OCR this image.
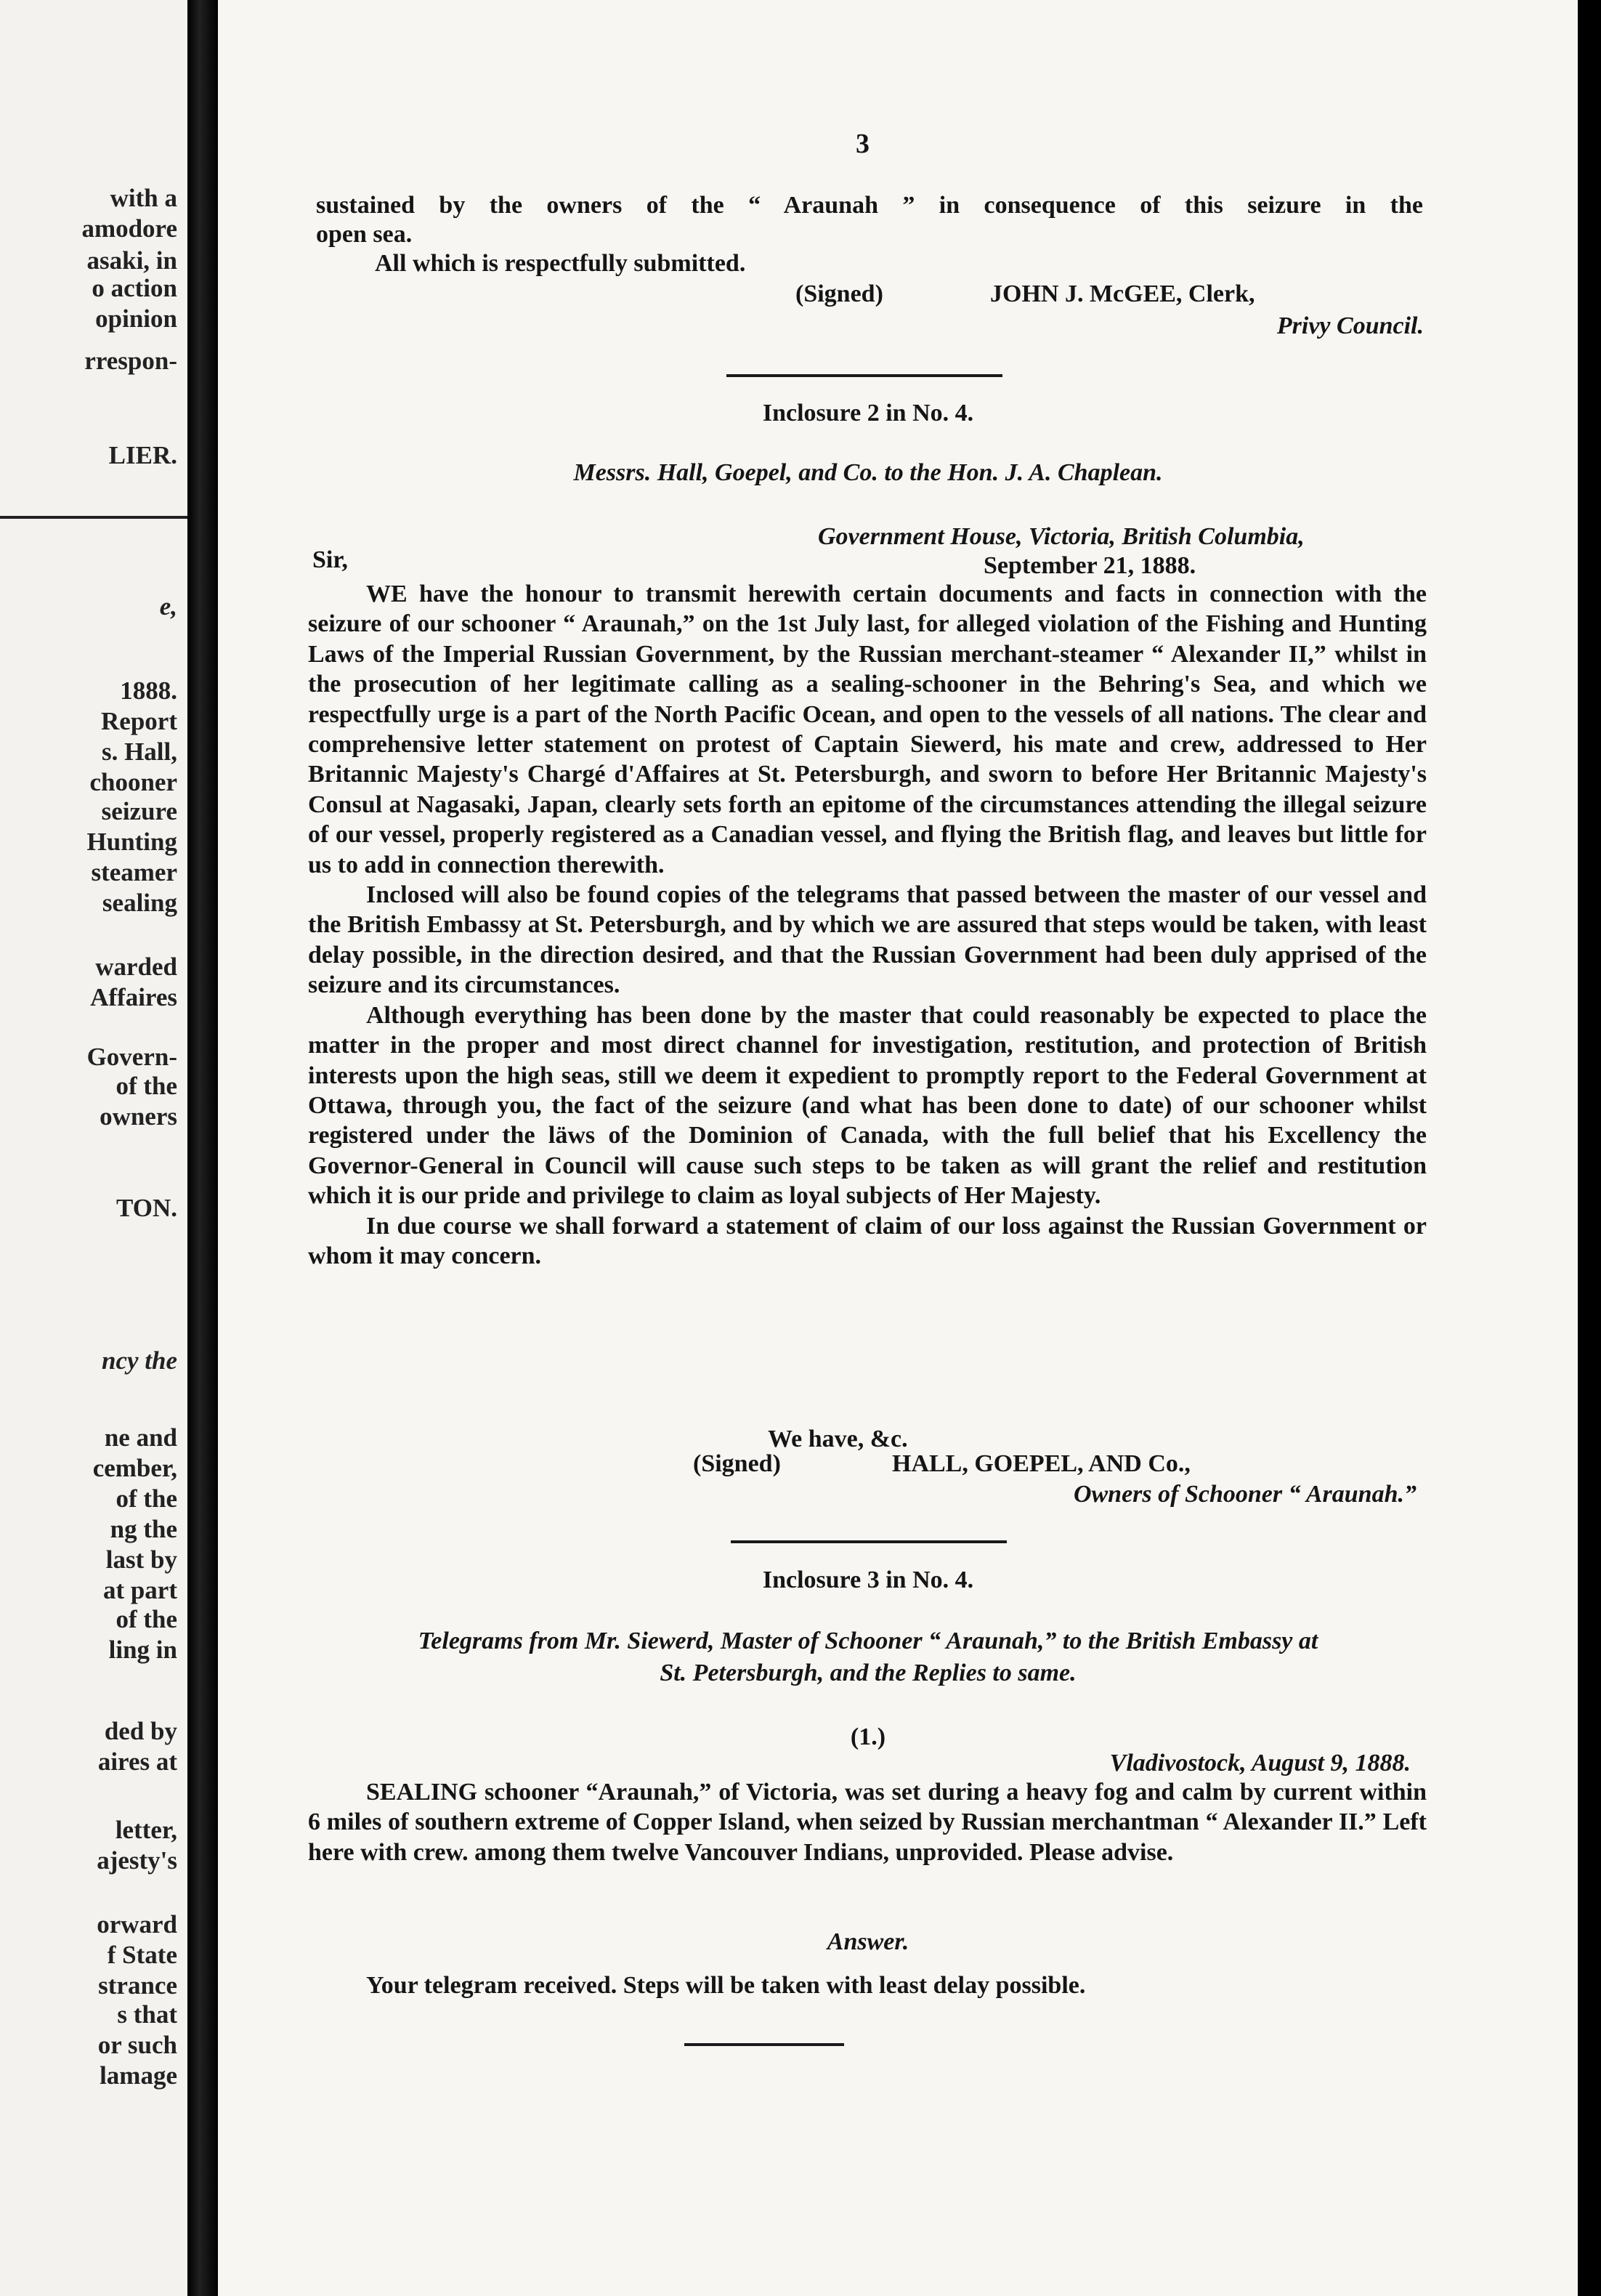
with a
amodore
asaki, in
o action
opinion
rrespon-
LIER.
e,
1888.
Report
s. Hall,
chooner
seizure
Hunting
steamer
sealing
warded
Affaires
Govern-
of the
owners
TON.
ncy the
ne and
cember,
of the
ng the
last by
at part
of the
ling in
ded by
aires at
letter,
ajesty's
orward
f State
strance
s that
or such
lamage
3
sustained by the owners of the “ Araunah ” in consequence of this seizure in the
open sea.
All which is respectfully submitted.
(Signed)	JOHN J. McGEE, Clerk,
Privy Council.
Inclosure 2 in No. 4.
Messrs. Hall, Goepel, and Co. to the Hon. J. A. Chaplean.
Government House, Victoria, British Columbia,
Sir,	September 21, 1888.

WE have the honour to transmit herewith certain documents and facts in connection with the seizure of our schooner “ Araunah,” on the 1st July last, for alleged violation of the Fishing and Hunting Laws of the Imperial Russian Government, by the Russian merchant-steamer “ Alexander II,” whilst in the prosecution of her legitimate calling as a sealing-schooner in the Behring's Sea, and which we respectfully urge is a part of the North Pacific Ocean, and open to the vessels of all nations. The clear and comprehensive letter statement on protest of Captain Siewerd, his mate and crew, addressed to Her Britannic Majesty's Chargé d'Affaires at St. Petersburgh, and sworn to before Her Britannic Majesty's Consul at Nagasaki, Japan, clearly sets forth an epitome of the circumstances attending the illegal seizure of our vessel, properly registered as a Canadian vessel, and flying the British flag, and leaves but little for us to add in connection therewith.

Inclosed will also be found copies of the telegrams that passed between the master of our vessel and the British Embassy at St. Petersburgh, and by which we are assured that steps would be taken, with least delay possible, in the direction desired, and that the Russian Government had been duly apprised of the seizure and its circumstances.

Although everything has been done by the master that could reasonably be expected to place the matter in the proper and most direct channel for investigation, restitution, and protection of British interests upon the high seas, still we deem it expedient to promptly report to the Federal Government at Ottawa, through you, the fact of the seizure (and what has been done to date) of our schooner whilst registered under the läws of the Dominion of Canada, with the full belief that his Excellency the Governor-General in Council will cause such steps to be taken as will grant the relief and restitution which it is our pride and privilege to claim as loyal subjects of Her Majesty.

In due course we shall forward a statement of claim of our loss against the Russian Government or whom it may concern.

We have, &c.
(Signed)	HALL, GOEPEL, AND Co.,
Owners of Schooner “ Araunah.”
Inclosure 3 in No. 4.
Telegrams from Mr. Siewerd, Master of Schooner “ Araunah,” to the British Embassy at
St. Petersburgh, and the Replies to same.
(1.)
Vladivostock, August 9, 1888.

SEALING schooner “Araunah,” of Victoria, was set during a heavy fog and calm by current within 6 miles of southern extreme of Copper Island, when seized by Russian merchantman “ Alexander II.” Left here with crew. among them twelve Vancouver Indians, unprovided. Please advise.

Answer.
Your telegram received. Steps will be taken with least delay possible.
